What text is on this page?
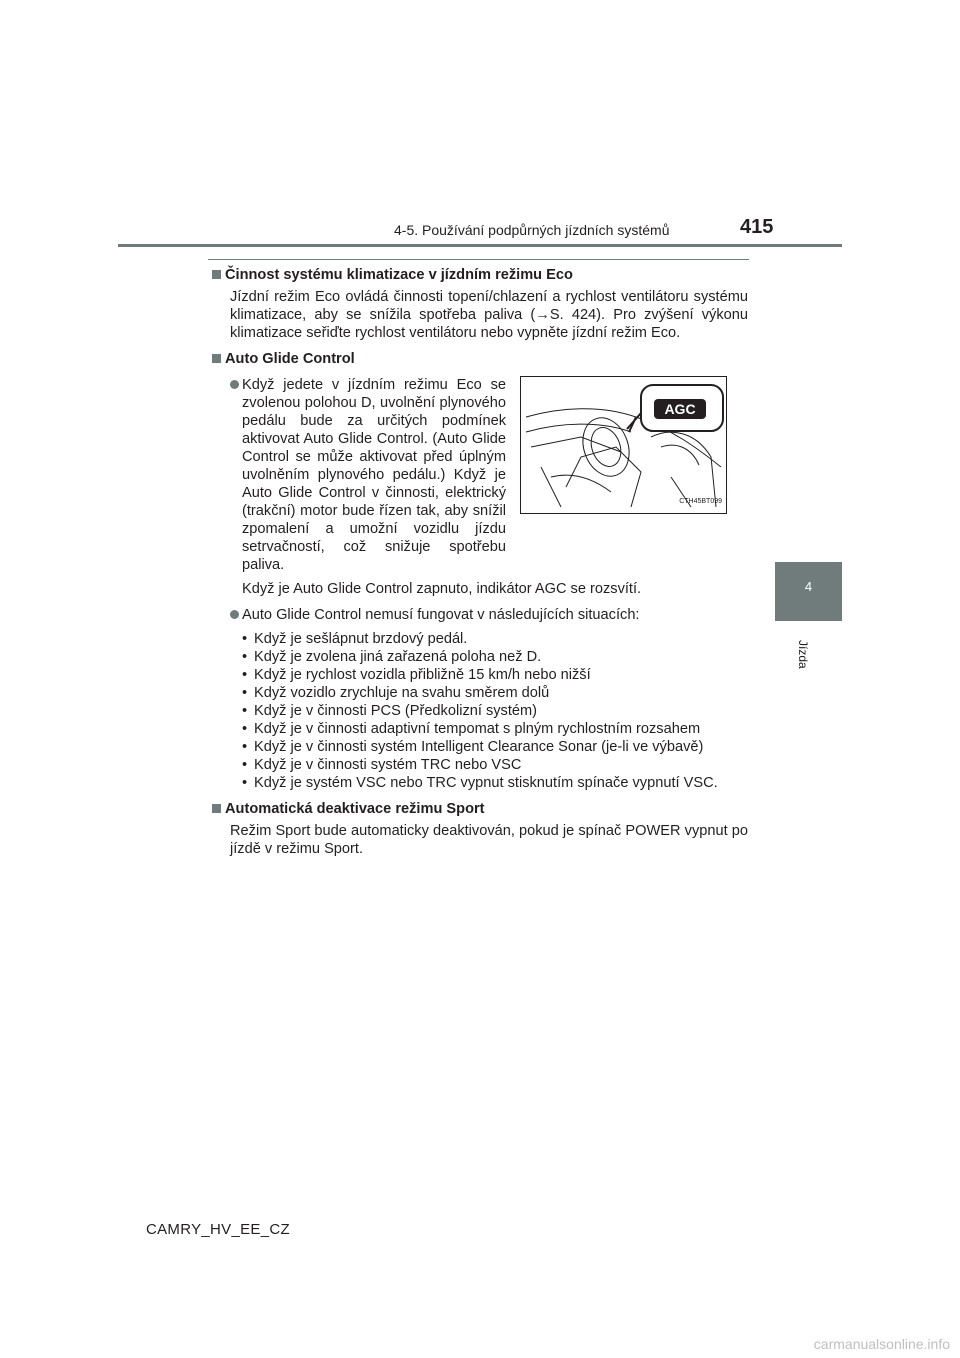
4-5. Používání podpůrných jízdních systémů	415
4
Jízda

Činnost systému klimatizace v jízdním režimu Eco

Jízdní režim Eco ovládá činnosti topení/chlazení a rychlost ventilátoru systému klimatizace, aby se snížila spotřeba paliva (→S. 424). Pro zvýšení výkonu klimatizace seřiďte rychlost ventilátoru nebo vypněte jízdní režim Eco.

Auto Glide Control

Když jedete v jízdním režimu Eco se zvolenou polohou D, uvolnění plynového pedálu bude za určitých podmínek aktivovat Auto Glide Control. (Auto Glide Control se může aktivovat před úplným uvolněním plynového pedálu.) Když je Auto Glide Control v činnosti, elektrický (trakční) motor bude řízen tak, aby snížil zpomalení a umožní vozidlu jízdu setrvačností, což snižuje spotřebu paliva.
AGC
CTH45BT099

Když je Auto Glide Control zapnuto, indikátor AGC se rozsvítí.

Auto Glide Control nemusí fungovat v následujících situacích:
• Když je sešlápnut brzdový pedál.
• Když je zvolena jiná zařazená poloha než D.
• Když je rychlost vozidla přibližně 15 km/h nebo nižší
• Když vozidlo zrychluje na svahu směrem dolů
• Když je v činnosti PCS (Předkolizní systém)
• Když je v činnosti adaptivní tempomat s plným rychlostním rozsahem
• Když je v činnosti systém Intelligent Clearance Sonar (je-li ve výbavě)
• Když je v činnosti systém TRC nebo VSC
• Když je systém VSC nebo TRC vypnut stisknutím spínače vypnutí VSC.

Automatická deaktivace režimu Sport

Režim Sport bude automaticky deaktivován, pokud je spínač POWER vypnut po jízdě v režimu Sport.

CAMRY_HV_EE_CZ
carmanualsonline.info
